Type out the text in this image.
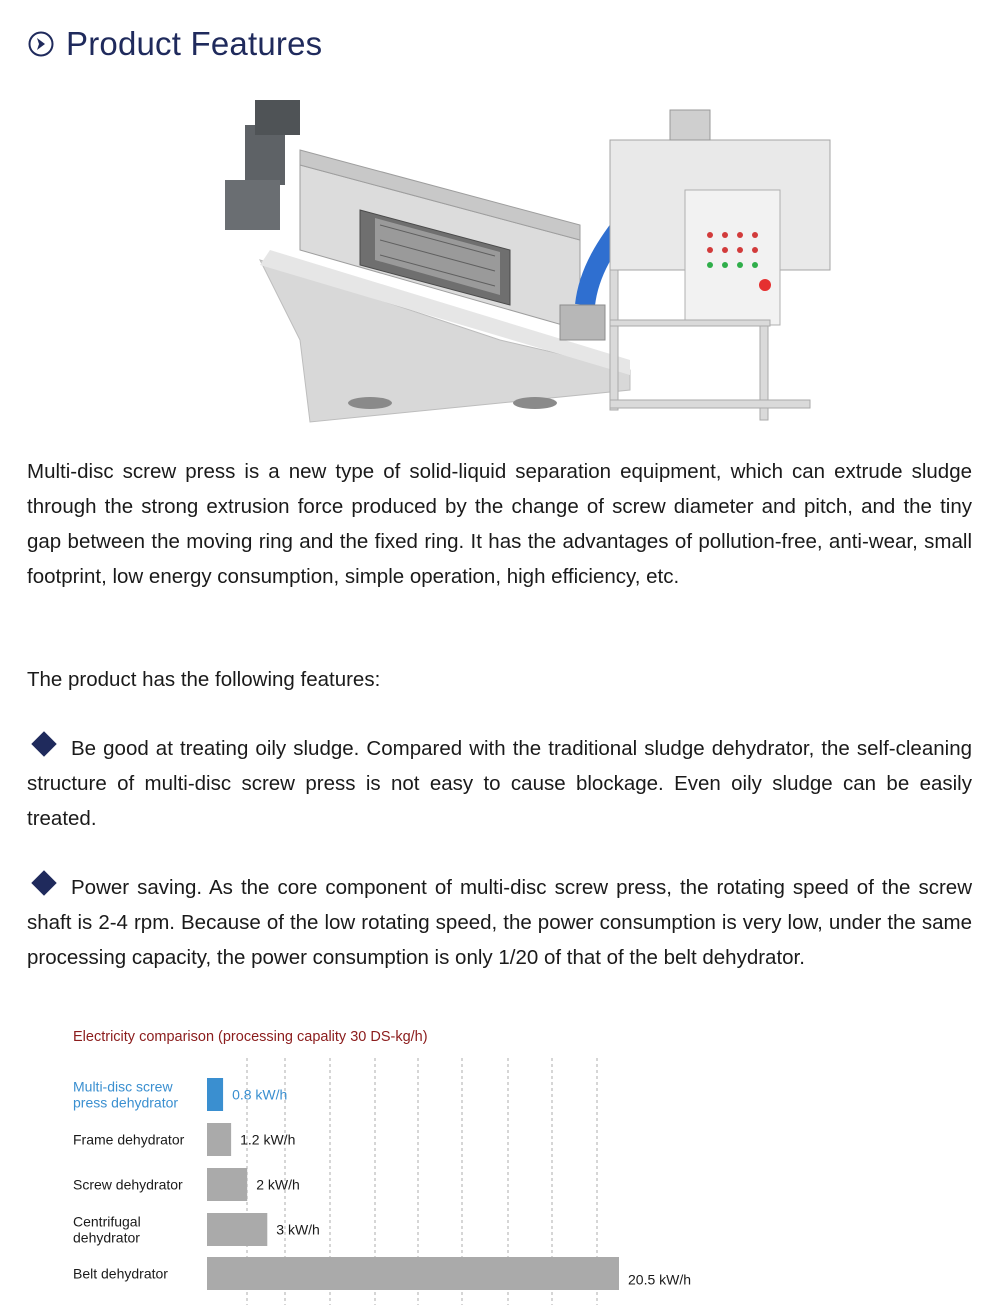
Product Features
Multi-disc screw press is a new type of solid-liquid separation equipment, which can extrude sludge through the strong extrusion force produced by the change of screw diameter and pitch, and the tiny gap between the moving ring and the fixed ring. It has the advantages of pollution-free, anti-wear, small footprint, low energy consumption, simple operation, high efficiency, etc.
The product has the following features:
Be good at treating oily sludge. Compared with the traditional sludge dehydrator, the self-cleaning structure of multi-disc screw press is not easy to cause blockage. Even oily sludge can be easily treated.
Power saving. As the core component of multi-disc screw press, the rotating speed of the screw shaft is 2-4 rpm. Because of the low rotating speed, the power consumption is very low, under the same processing capacity, the power consumption is only 1/20 of that of the belt dehydrator.
Electricity comparison (processing capality 30 DS-kg/h)
0.8 kW/h
Multi-disc screw press dehydrator
1.2 kW/h
Frame dehydrator
2 kW/h
Screw dehydrator
3 kW/h
Centrifugal dehydrator
20.5 kW/h
Belt dehydrator
